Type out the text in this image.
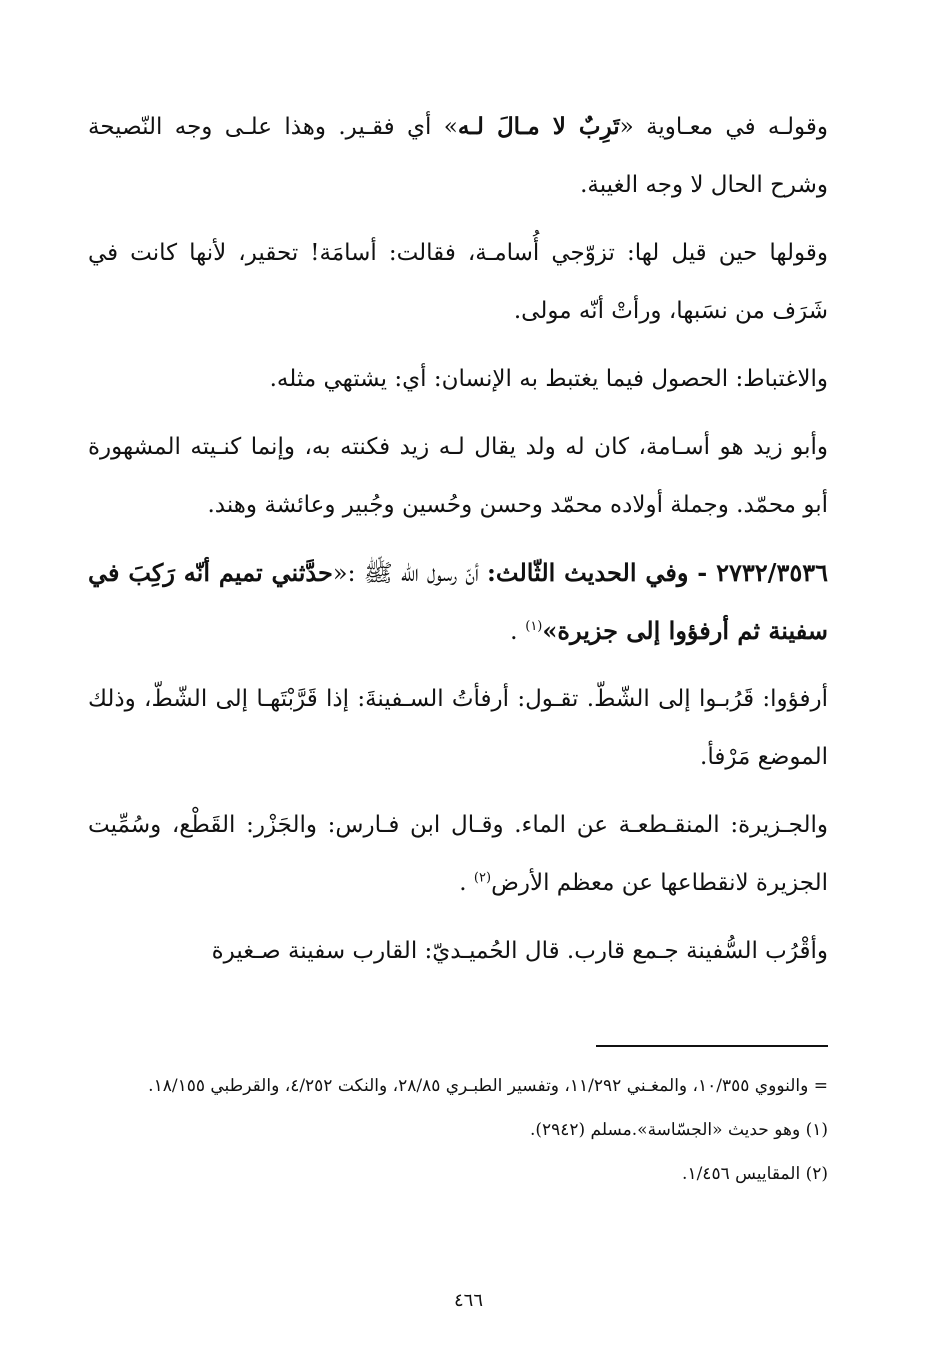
وقولـه في معـاوية «تَرِبٌ لا مـالَ لـه» أي فقـير. وهذا علـى وجه النّصيحة وشرح الحال لا وجه الغيبة.

وقولها حين قيل لها: تزوّجي أُسامـة، فقالت: أسامَة! تحقير، لأنها كانت في شَرَف من نسَبها، ورأتْ أنّه مولى.

والاغتباط: الحصول فيما يغتبط به الإنسان: أي: يشتهي مثله.

وأبو زيد هو أسـامة، كان له ولد يقال لـه زيد فكنته به، وإنما كنـيته المشهورة أبو محمّد. وجملة أولاده محمّد وحسن وحُسين وجُبير وعائشة وهند.

٢٧٣٢/٣٥٣٦ - وفي الحديث الثّالث: أنّ رسول الله ﷺ :«حدَّثني تميم أنّه رَكِبَ في سفينة ثم أرفؤوا إلى جزيرة»$^{(١)}$ .

أرفؤوا: قَرُبـوا إلى الشّطّ. تقـول: أرفأتُ السـفينةَ: إذا قَرَّبْتَهـا إلى الشّطّ، وذلك الموضع مَرْفأ.

والجـزيرة: المنقـطعـة عن الماء. وقـال ابن فـارس: والجَزْر: القَطْع، وسُمِّيت الجزيرة لانقطاعها عن معظم الأرض$^{(٢)}$ .

وأقْرُب السُّفينة جـمع قارب. قال الحُميـديّ: القارب سفينة صـغيرة

= والنووي ١٠/٣٥٥، والمغـني ١١/٢٩٢، وتفسير الطبـري ٢٨/٨٥، والنكت ٤/٢٥٢، والقرطبي ١٨/١٥٥.

(١) وهو حديث «الجسّاسة».مسلم (٢٩٤٢).

(٢) المقاييس ١/٤٥٦.

٤٦٦
